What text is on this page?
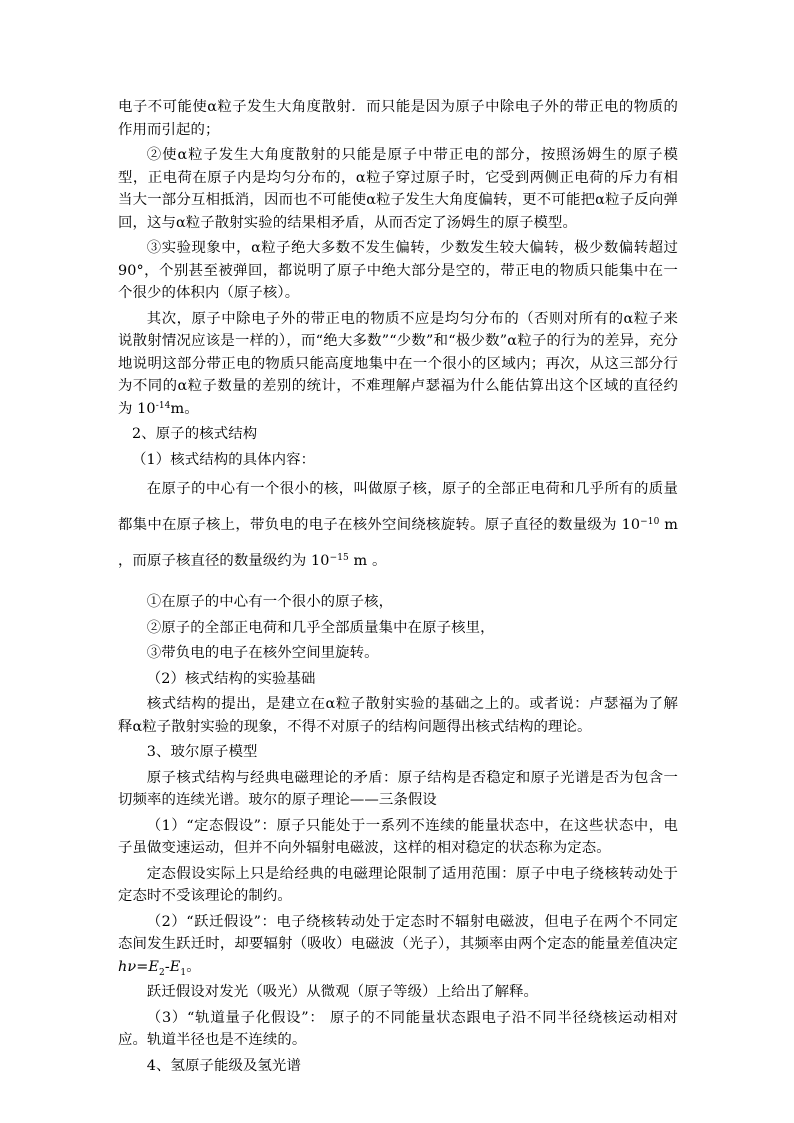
电子不可能使α粒子发生大角度散射．而只能是因为原子中除电子外的带正电的物质的作用而引起的；

②使α粒子发生大角度散射的只能是原子中带正电的部分，按照汤姆生的原子模型，正电荷在原子内是均匀分布的，α粒子穿过原子时，它受到两侧正电荷的斥力有相当大一部分互相抵消，因而也不可能使α粒子发生大角度偏转，更不可能把α粒子反向弹回，这与α粒子散射实验的结果相矛盾，从而否定了汤姆生的原子模型。

③实验现象中，α粒子绝大多数不发生偏转，少数发生较大偏转，极少数偏转超过90°，个别甚至被弹回，都说明了原子中绝大部分是空的，带正电的物质只能集中在一个很少的体积内（原子核）。

其次，原子中除电子外的带正电的物质不应是均匀分布的（否则对所有的α粒子来说散射情况应该是一样的），而“绝大多数”“少数”和“极少数”α粒子的行为的差异，充分地说明这部分带正电的物质只能高度地集中在一个很小的区域内；再次，从这三部分行为不同的α粒子数量的差别的统计，不难理解卢瑟福为什么能估算出这个区域的直径约为 $10^{-14}m$。

2、原子的核式结构

（1）核式结构的具体内容：

在原子的中心有一个很小的核，叫做原子核，原子的全部正电荷和几乎所有的质量都集中在原子核上，带负电的电子在核外空间绕核旋转。原子直径的数量级为 $10^{-10}$ m ，而原子核直径的数量级约为 $10^{-15}$ m 。

①在原子的中心有一个很小的原子核，

②原子的全部正电荷和几乎全部质量集中在原子核里，

③带负电的电子在核外空间里旋转。

（2）核式结构的实验基础

核式结构的提出，是建立在α粒子散射实验的基础之上的。或者说：卢瑟福为了解释α粒子散射实验的现象，不得不对原子的结构问题得出核式结构的理论。

3、玻尔原子模型

原子核式结构与经典电磁理论的矛盾：原子结构是否稳定和原子光谱是否为包含一切频率的连续光谱。玻尔的原子理论——三条假设

（1）“定态假设”：原子只能处于一系列不连续的能量状态中，在这些状态中，电子虽做变速运动，但并不向外辐射电磁波，这样的相对稳定的状态称为定态。

定态假设实际上只是给经典的电磁理论限制了适用范围：原子中电子绕核转动处于定态时不受该理论的制约。

（2）“跃迁假设”：电子绕核转动处于定态时不辐射电磁波，但电子在两个不同定态间发生跃迁时，却要辐射（吸收）电磁波（光子），其频率由两个定态的能量差值决定$h\nu=E_2-E_1$。

跃迁假设对发光（吸光）从微观（原子等级）上给出了解释。

（3）“轨道量子化假设”： 原子的不同能量状态跟电子沿不同半径绕核运动相对应。轨道半径也是不连续的。

4、氢原子能级及氢光谱
